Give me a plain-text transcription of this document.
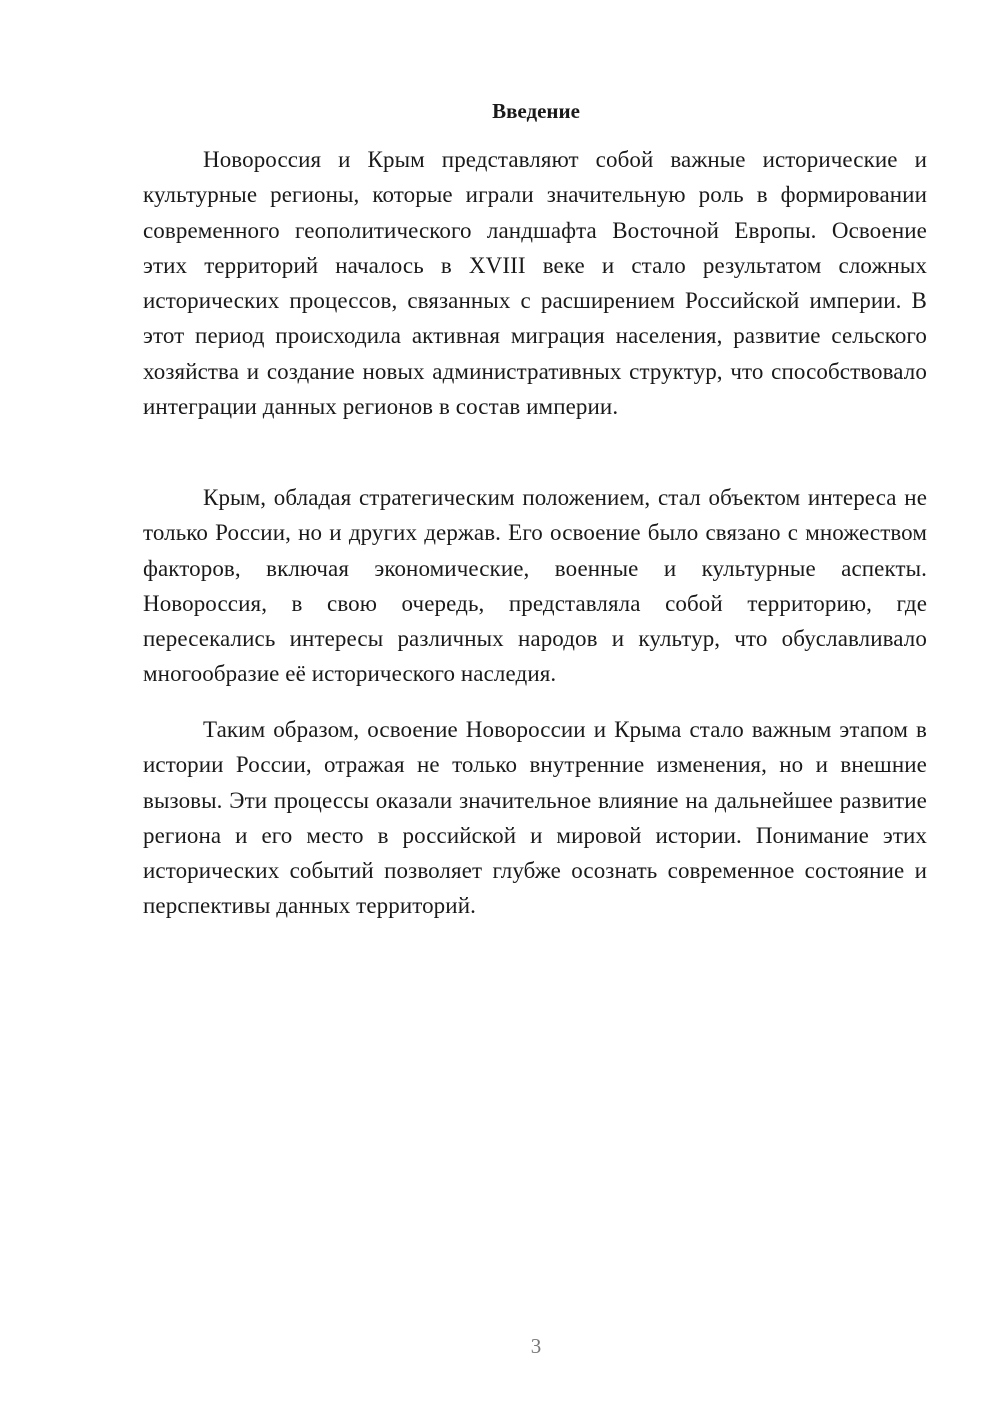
Введение

Новороссия и Крым представляют собой важные исторические и культурные регионы, которые играли значительную роль в формировании современного геополитического ландшафта Восточной Европы. Освоение этих территорий началось в XVIII веке и стало результатом сложных исторических процессов, связанных с расширением Российской империи. В этот период происходила активная миграция населения, развитие сельского хозяйства и создание новых административных структур, что способствовало интеграции данных регионов в состав империи.

Крым, обладая стратегическим положением, стал объектом интереса не только России, но и других держав. Его освоение было связано с множеством факторов, включая экономические, военные и культурные аспекты. Новороссия, в свою очередь, представляла собой территорию, где пересекались интересы различных народов и культур, что обуславливало многообразие её исторического наследия.

Таким образом, освоение Новороссии и Крыма стало важным этапом в истории России, отражая не только внутренние изменения, но и внешние вызовы. Эти процессы оказали значительное влияние на дальнейшее развитие региона и его место в российской и мировой истории. Понимание этих исторических событий позволяет глубже осознать современное состояние и перспективы данных территорий.

3
